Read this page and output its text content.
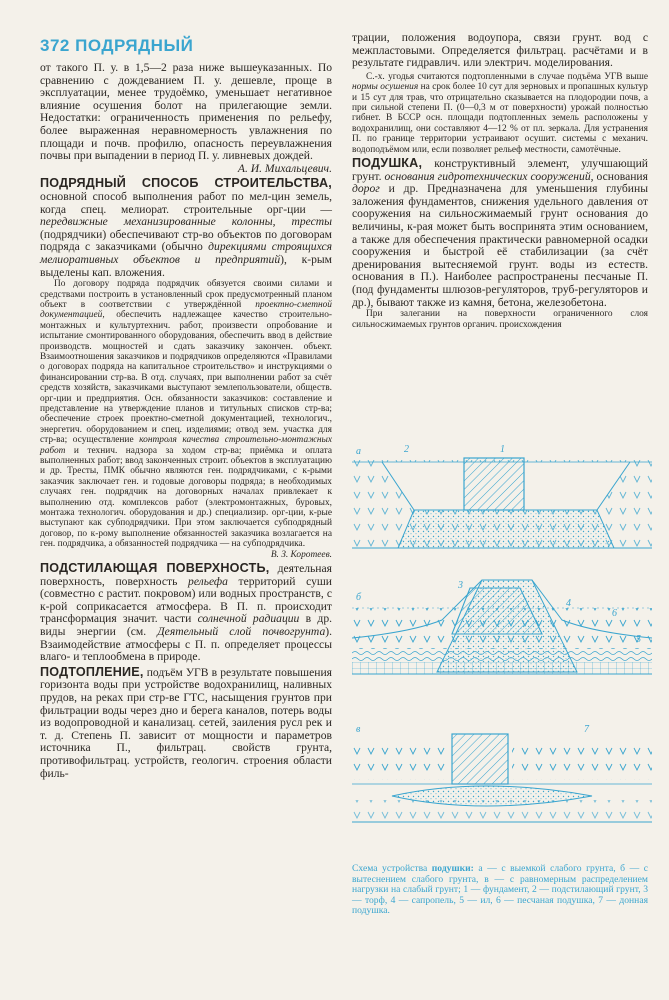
372 ПОДРЯДНЫЙ

от такого П. у. в 1,5—2 раза ниже вышеуказанных. По сравнению с дождеванием П. у. дешевле, проще в эксплуатации, менее трудоёмко, уменьшает негативное влияние осушения болот на прилегающие земли. Недостатки: ограниченность применения по рельефу, более выраженная неравномерность увлажнения по площади и почв. профилю, опасность переувлажнения почвы при выпадении в период П. у. ливневых дождей.

А. И. Михальцевич.

ПОДРЯДНЫЙ СПОСОБ СТРОИТЕЛЬСТВА, основной способ выполнения работ по мел-цин земель, когда спец. мелиорат. строительные орг-ции — передвижные механизированные колонны, тресты (подрядчики) обеспечивают стр-во объектов по договорам подряда с заказчиками (обычно дирекциями строящихся мелиоративных объектов и предприятий), к-рым выделены кап. вложения.

По договору подряда подрядчик обязуется своими силами и средствами построить в установленный срок предусмотренный планом объект в соответствии с утверждённой проектно-сметной документацией, обеспечить надлежащее качество строительно-монтажных и культуртехнич. работ, произвести опробование и испытание смонтированного оборудования, обеспечить ввод в действие производств. мощностей и сдать заказчику закончен. объект. Взаимоотношения заказчиков и подрядчиков определяются «Правилами о договорах подряда на капитальное строительство» и инструкциями о финансировании стр-ва. В отд. случаях, при выполнении работ за счёт средств хозяйств, заказчиками выступают землепользователи, обществ. орг-ции и предприятия. Осн. обязанности заказчиков: составление и представление на утверждение планов и титульных списков стр-ва; обеспечение строек проектно-сметной документацией, технологич., энергетич. оборудованием и спец. изделиями; отвод зем. участка для стр-ва; осуществление контроля качества строительно-монтажных работ и технич. надзора за ходом стр-ва; приёмка и оплата выполненных работ; ввод законченных строит. объектов в эксплуатацию и др. Тресты, ПМК обычно являются ген. подрядчиками, с к-рыми заказчик заключает ген. и годовые договоры подряда; в необходимых случаях ген. подрядчик на договорных началах привлекает к выполнению отд. комплексов работ (электромонтажных, буровых, монтажа технологич. оборудования и др.) специализир. орг-ции, к-рые выступают как субподрядчики. При этом заключается субподрядный договор, по к-рому выполнение обязанностей заказчика возлагается на ген. подрядчика, а обязанностей подрядчика — на субподрядчика.

В. З. Коротеев.

ПОДСТИЛАЮЩАЯ ПОВЕРХНОСТЬ, деятельная поверхность, поверхность рельефа территорий суши (совместно с растит. покровом) или водных пространств, с к-рой соприкасается атмосфера. В П. п. происходит трансформация значит. части солнечной радиации в др. виды энергии (см. Деятельный слой почвогрунта). Взаимодействие атмосферы с П. п. определяет процессы влаго- и теплообмена в природе.

ПОДТОПЛЕНИЕ, подъём УГВ в результате повышения горизонта воды при устройстве водохранилищ, наливных прудов, на реках при стр-ве ГТС, насыщения грунтов при фильтрации воды через дно и берега каналов, потерь воды из водопроводной и канализац. сетей, заиления русл рек и т. д. Степень П. зависит от мощности и параметров источника П., фильтрац. свойств грунта, противофильтрац. устройств, геологич. строения области филь-

трации, положения водоупора, связи грунт. вод с межпластовыми. Определяется фильтрац. расчётами и в результате гидравлич. или электрич. моделирования.

С.-х. угодья считаются подтопленными в случае подъёма УГВ выше нормы осушения на срок более 10 сут для зерновых и пропашных культур и 15 сут для трав, что отрицательно сказывается на плодородии почв, а при сильной степени П. (0—0,3 м от поверхности) урожай полностью гибнет. В БССР осн. площади подтопленных земель расположены у водохранилищ, они составляют 4—12 % от пл. зеркала. Для устранения П. по границе территории устраивают осушит. системы с механич. водоподъёмом или, если позволяет рельеф местности, самотёчные.

ПОДУШКА, конструктивный элемент, улучшающий грунт. основания гидротехнических сооружений, основания дорог и др. Предназначена для уменьшения глубины заложения фундаментов, снижения удельного давления от сооружения на сильносжимаемый грунт основания до величины, к-рая может быть воспринята этим основанием, а также для обеспечения практически равномерной осадки сооружения и быстрой её стабилизации (за счёт дренирования вытесняемой грунт. воды из естеств. основания в П.). Наиболее распространены песчаные П. (под фундаменты шлюзов-регуляторов, труб-регуляторов и др.), бывают также из камня, бетона, железобетона.

При залегании на поверхности ограниченного слоя сильносжимаемых грунтов органич. происхождения

а
б
в
1
2
3
4
5
6
7

Схема устройства подушки: а — с выемкой слабого грунта, б — с вытеснением слабого грунта, в — с равномерным распределением нагрузки на слабый грунт; 1 — фундамент, 2 — подстилающий грунт, 3 — торф, 4 — сапропель, 5 — ил, 6 — песчаная подушка, 7 — донная подушка.
